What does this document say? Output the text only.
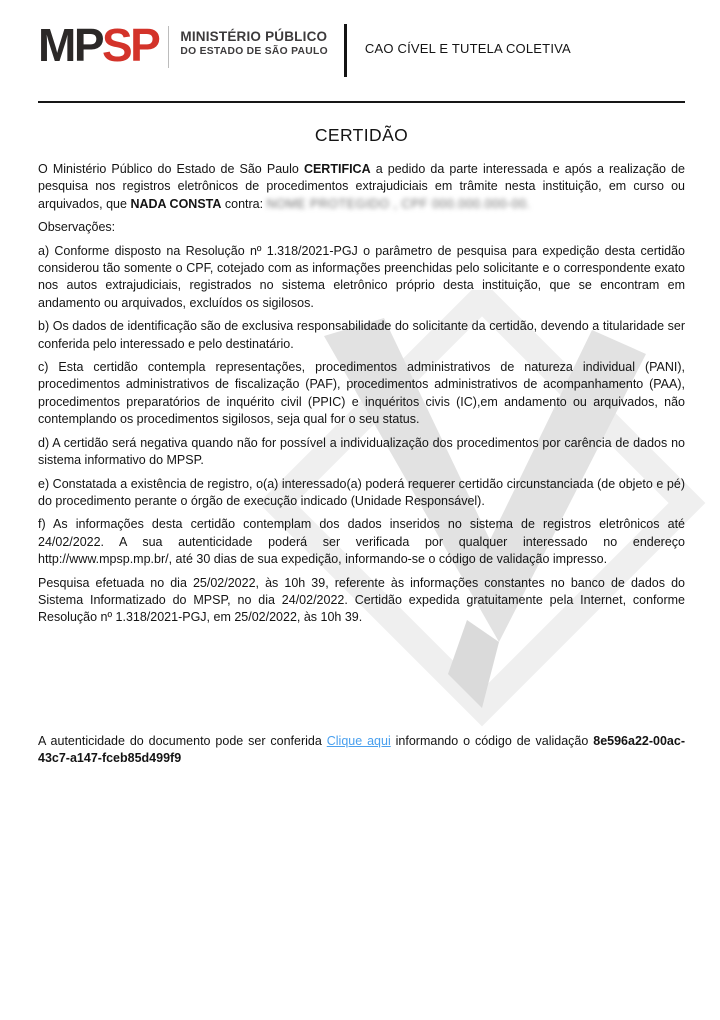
MPSP MINISTÉRIO PÚBLICO
DO ESTADO DE SÃO PAULO	CAO CÍVEL E TUTELA COLETIVA
CERTIDÃO

O Ministério Público do Estado de São Paulo CERTIFICA a pedido da parte interessada e após a realização de pesquisa nos registros eletrônicos de procedimentos extrajudiciais em trâmite nesta instituição, em curso ou arquivados, que NADA CONSTA contra: NOME PROTEGIDO , CPF 000.000.000-00.

Observações:

a) Conforme disposto na Resolução nº 1.318/2021-PGJ o parâmetro de pesquisa para expedição desta certidão considerou tão somente o CPF, cotejado com as informações preenchidas pelo solicitante e o correspondente exato nos autos extrajudiciais, registrados no sistema eletrônico próprio desta instituição, que se encontram em andamento ou arquivados, excluídos os sigilosos.

b) Os dados de identificação são de exclusiva responsabilidade do solicitante da certidão, devendo a titularidade ser conferida pelo interessado e pelo destinatário.

c) Esta certidão contempla representações, procedimentos administrativos de natureza individual (PANI), procedimentos administrativos de fiscalização (PAF), procedimentos administrativos de acompanhamento (PAA), procedimentos preparatórios de inquérito civil (PPIC) e inquéritos civis (IC),em andamento ou arquivados, não contemplando os procedimentos sigilosos, seja qual for o seu status.

d) A certidão será negativa quando não for possível a individualização dos procedimentos por carência de dados no sistema informativo do MPSP.

e) Constatada a existência de registro, o(a) interessado(a) poderá requerer certidão circunstanciada (de objeto e pé) do procedimento perante o órgão de execução indicado (Unidade Responsável).

f) As informações desta certidão contemplam dos dados inseridos no sistema de registros eletrônicos até 24/02/2022. A sua autenticidade poderá ser verificada por qualquer interessado no endereço http://www.mpsp.mp.br/, até 30 dias de sua expedição, informando-se o código de validação impresso.

Pesquisa efetuada no dia 25/02/2022, às 10h 39, referente às informações constantes no banco de dados do Sistema Informatizado do MPSP, no dia 24/02/2022. Certidão expedida gratuitamente pela Internet, conforme Resolução nº 1.318/2021-PGJ, em 25/02/2022, às 10h 39.

A autenticidade do documento pode ser conferida Clique aqui informando o código de validação 8e596a22-00ac-43c7-a147-fceb85d499f9
